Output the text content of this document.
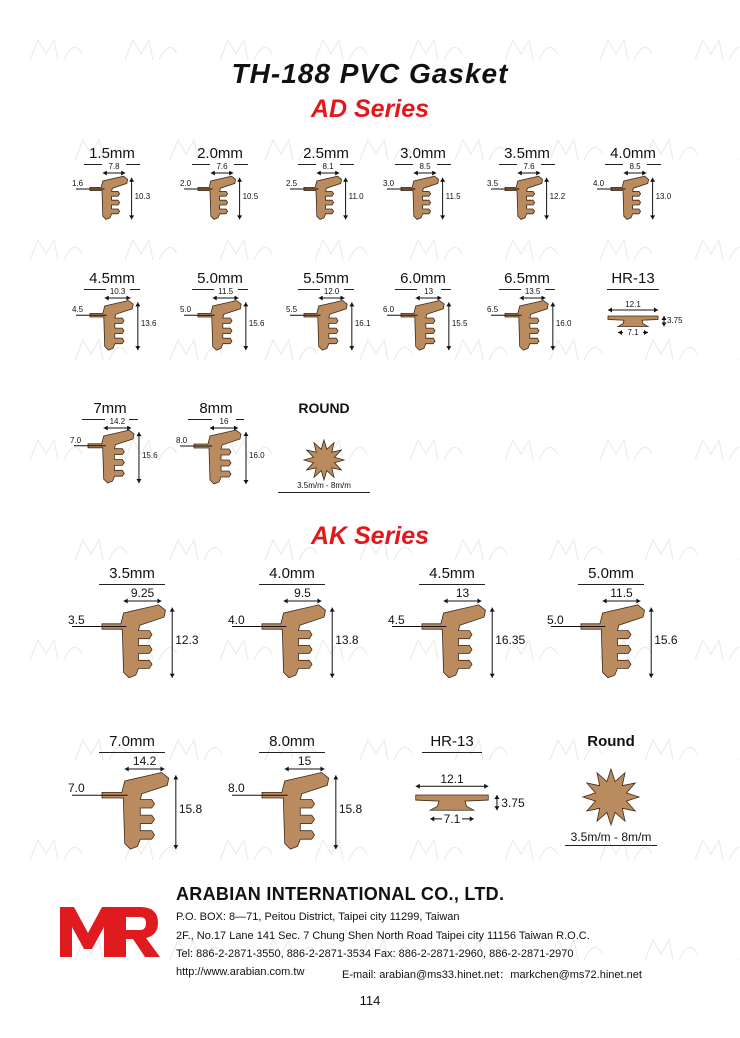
TH-188 PVC Gasket
AD Series
AK Series
1.5mm
7.8
1.6
10.3
2.0mm
7.6
2.0
10.5
2.5mm
8.1
2.5
11.0
3.0mm
8.5
3.0
11.5
3.5mm
7.6
3.5
12.2
4.0mm
8.5
4.0
13.0
4.5mm
10.3
4.5
13.6
5.0mm
11.5
5.0
15.6
5.5mm
12.0
5.5
16.1
6.0mm
13
6.0
15.5
6.5mm
13.5
6.5
16.0
HR-13
12.1
7.1
3.75
7mm
14.2
7.0
15.6
8mm
16
8.0
16.0
ROUND
3.5m/m - 8m/m
3.5mm
9.25
3.5
12.3
4.0mm
9.5
4.0
13.8
4.5mm
13
4.5
16.35
5.0mm
11.5
5.0
15.6
7.0mm
14.2
7.0
15.8
8.0mm
15
8.0
15.8
HR-13
12.1
7.1
3.75
Round
3.5m/m - 8m/m
ARABIAN INTERNATIONAL CO., LTD.
P.O. BOX: 8—71, Peitou District, Taipei city 11299, Taiwan
2F., No.17 Lane 141 Sec. 7 Chung Shen North Road Taipei city 11156 Taiwan R.O.C.
Tel: 886-2-2871-3550, 886-2-2871-3534 Fax: 886-2-2871-2960, 886-2-2871-2970
http://www.arabian.com.tw	E-mail: arabian@ms33.hinet.net：markchen@ms72.hinet.net
114
